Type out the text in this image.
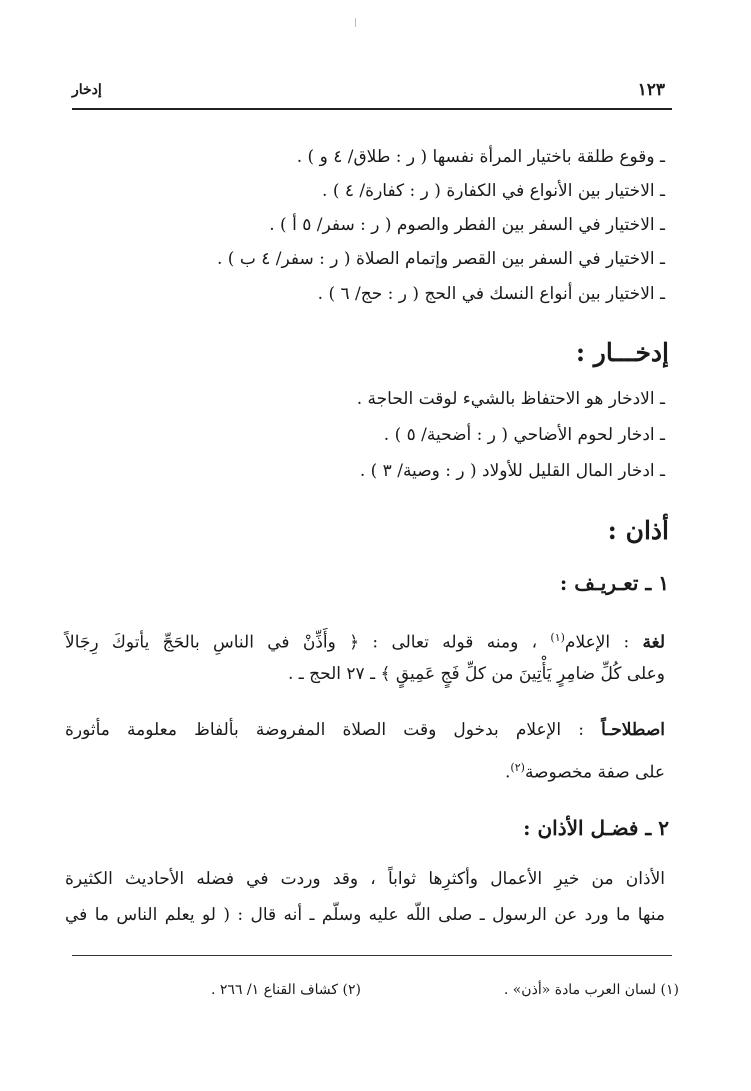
١٢٣
إدخار
ـ وقوع طلقة باختيار المرأة نفسها ( ر : طلاق/ ٤ و ) .
ـ الاختيار بين الأنواع في الكفارة ( ر : كفارة/ ٤ ) .
ـ الاختيار في السفر بين الفطر والصوم ( ر : سفر/ ٥ أ ) .
ـ الاختيار في السفر بين القصر وإتمام الصلاة ( ر : سفر/ ٤ ب ) .
ـ الاختيار بين أنواع النسك في الحج ( ر : حج/ ٦ ) .
إدخـــار :
ـ الادخار هو الاحتفاظ بالشيء لوقت الحاجة .
ـ ادخار لحوم الأضاحي ( ر : أضحية/ ٥ ) .
ـ ادخار المال القليل للأولاد ( ر : وصية/ ٣ ) .
أذان :
١ ـ تعـريـف :
لغة : الإعلام$^{(١)}$ ، ومنه قوله تعالى : ﴿ وأَذِّنْ في الناسِ بالحَجِّ يأتوكَ رِجَالاً
وعلى كُلِّ ضامِرٍ يَأْتِينَ من كلِّ فَجٍ عَمِيقٍ ﴾ ـ ٢٧ الحج ـ .
اصطلاحـاً : الإعلام بدخول وقت الصلاة المفروضة بألفاظ معلومة مأثورة
على صفة مخصوصة$^{(٢)}$.
٢ ـ فضـل الأذان :
الأذان من خيرِ الأعمال وأكثرِها ثواباً ، وقد وردت في فضله الأحاديث الكثيرة
منها ما ورد عن الرسول ـ صلى اللّه عليه وسلّم ـ أنه قال : ( لو يعلم الناس ما في
(١) لسان العرب مادة «أذن» .
(٢) كشاف القناع ١/ ٢٦٦ .
